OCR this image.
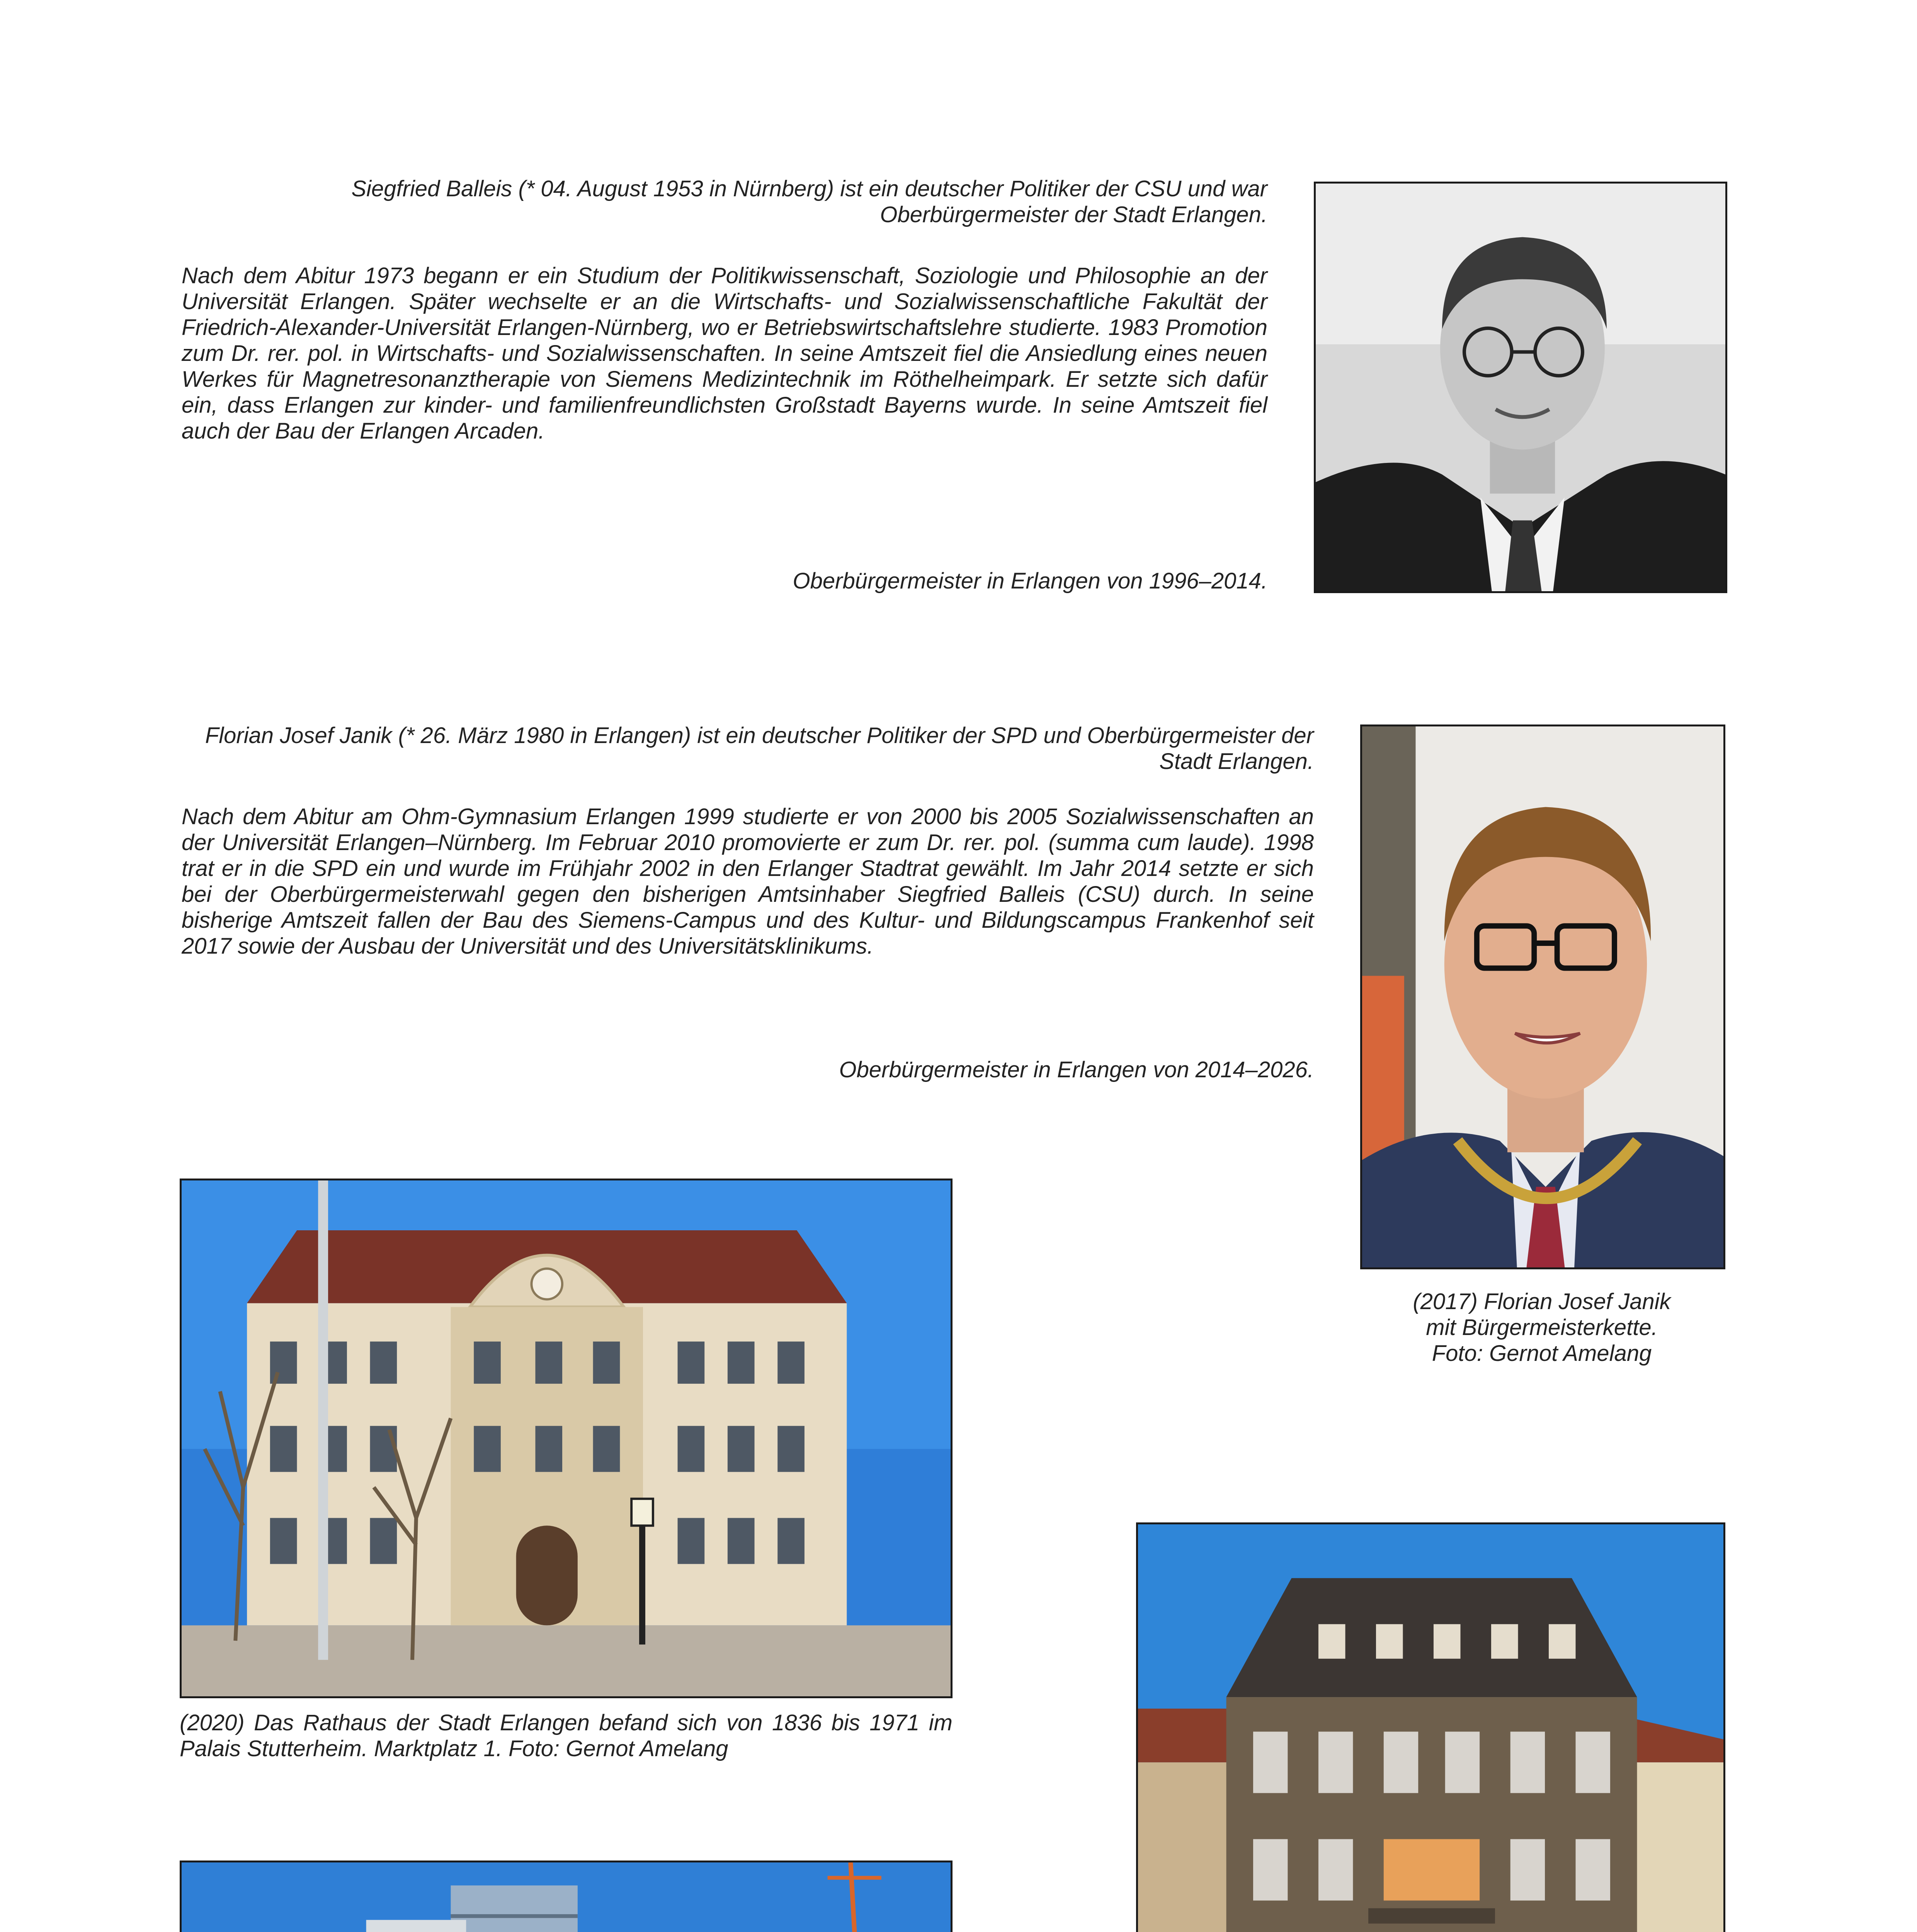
Siegfried Balleis (* 04. August 1953 in Nürnberg) ist ein deutscher Politiker der CSU und war Oberbürgermeister der Stadt Erlangen.

Nach dem Abitur 1973 begann er ein Studium der Politikwissenschaft, Soziologie und Philosophie an der Universität Erlangen. Später wechselte er an die Wirtschafts- und Sozialwissenschaftliche Fakultät der Friedrich-Alexander-Universität Erlangen-Nürnberg, wo er Betriebswirtschaftslehre studierte. 1983 Promotion zum Dr. rer. pol. in Wirtschafts- und Sozialwissenschaften. In seine Amtszeit fiel die Ansiedlung eines neuen Werkes für Magnetresonanztherapie von Siemens Medizintechnik im Röthelheimpark. Er setzte sich dafür ein, dass Erlangen zur kinder- und familienfreundlichsten Großstadt Bayerns wurde. In seine Amtszeit fiel auch der Bau der Erlangen Arcaden.

Oberbürgermeister in Erlangen von 1996–2014.

Florian Josef Janik (* 26. März 1980 in Erlangen) ist ein deutscher Politiker der SPD und Oberbürgermeister der Stadt Erlangen.

Nach dem Abitur am Ohm-Gymnasium Erlangen 1999 studierte er von 2000 bis 2005 Sozialwissenschaften an der Universität Erlangen–Nürnberg. Im Februar 2010 promovierte er zum Dr. rer. pol. (summa cum laude). 1998 trat er in die SPD ein und wurde im Frühjahr 2002 in den Erlanger Stadtrat gewählt. Im Jahr 2014 setzte er sich bei der Oberbürgermeisterwahl gegen den bisherigen Amtsinhaber Siegfried Balleis (CSU) durch. In seine bisherige Amtszeit fallen der Bau des Siemens-Campus und des Kultur- und Bildungscampus Frankenhof seit 2017 sowie der Ausbau der Universität und des Universitätsklinikums.

Oberbürgermeister in Erlangen von 2014–2026.

(2017) Florian Josef Janik

mit Bürgermeisterkette.

Foto: Gernot Amelang

(2020) Das Rathaus der Stadt Erlangen befand sich von 1836 bis 1971 im Palais Stutterheim. Marktplatz 1. Foto: Gernot Amelang
